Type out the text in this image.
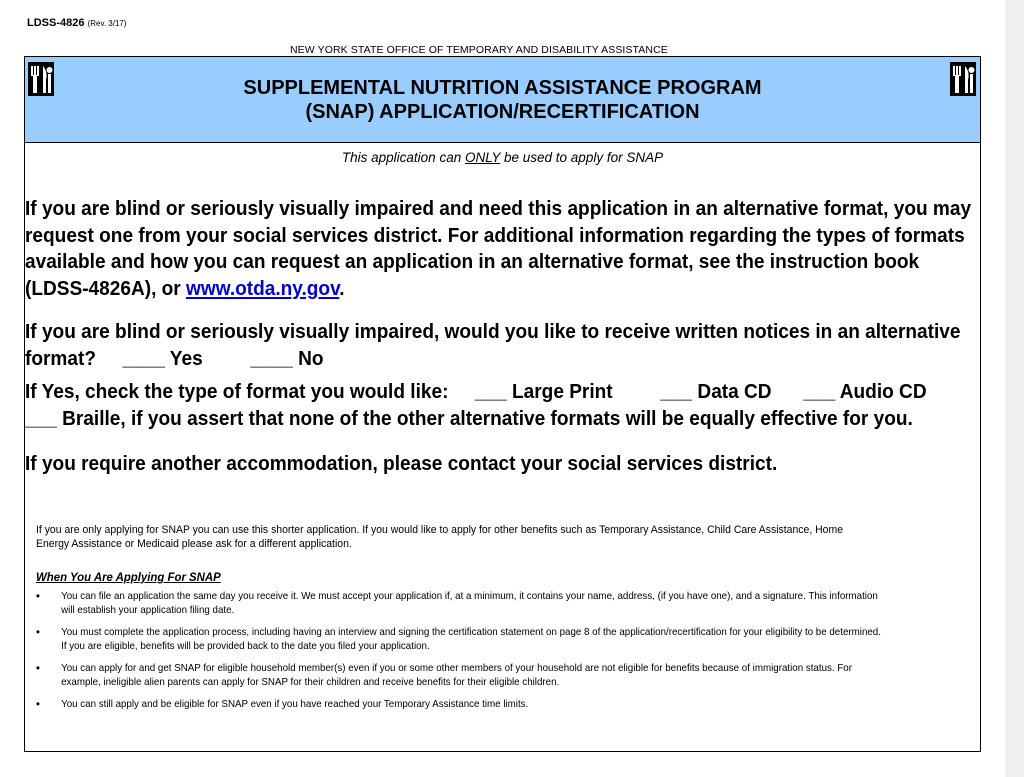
LDSS-4826 (Rev. 3/17)
NEW YORK STATE OFFICE OF TEMPORARY AND DISABILITY ASSISTANCE
SUPPLEMENTAL NUTRITION ASSISTANCE PROGRAM
(SNAP) APPLICATION/RECERTIFICATION
This application can ONLY be used to apply for SNAP
If you are blind or seriously visually impaired and need this application in an alternative format, you may
request one from your social services district. For additional information regarding the types of formats
available and how you can request an application in an alternative format, see the instruction book
(LDSS-4826A), or www.otda.ny.gov.
If you are blind or seriously visually impaired, would you like to receive written notices in an alternative
format?     ____ Yes         ____ No
If Yes, check the type of format you would like:     ___ Large Print         ___ Data CD      ___ Audio CD
___ Braille, if you assert that none of the other alternative formats will be equally effective for you.
If you require another accommodation, please contact your social services district.
If you are only applying for SNAP you can use this shorter application. If you would like to apply for other benefits such as Temporary Assistance, Child Care Assistance, Home
Energy Assistance or Medicaid please ask for a different application.
When You Are Applying For SNAP
• You can file an application the same day you receive it. We must accept your application if, at a minimum, it contains your name, address, (if you have one), and a signature. This information
will establish your application filing date.
• You must complete the application process, including having an interview and signing the certification statement on page 8 of the application/recertification for your eligibility to be determined.
If you are eligible, benefits will be provided back to the date you filed your application.
• You can apply for and get SNAP for eligible household member(s) even if you or some other members of your household are not eligible for benefits because of immigration status. For
example, ineligible alien parents can apply for SNAP for their children and receive benefits for their eligible children.
• You can still apply and be eligible for SNAP even if you have reached your Temporary Assistance time limits.
